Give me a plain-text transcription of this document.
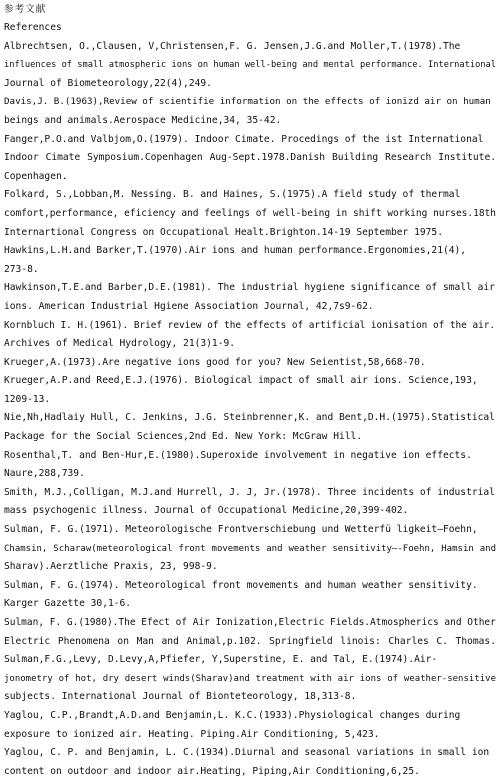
参考文献
References
Albrechtsen, O.,Clausen, V,Christensen,F. G. Jensen,J.G.and Moller,T.(1978).The
influences of small atmospheric ions on human well-being and mental performance. International
Journal of Biometeorology,22(4),249.
Davis,J. B.(1963),Review of scientifie information on the effects of ionizd air on human
beings and animals.Aerospace Medicine,34, 35-42.
Fanger,P.O.and Valbjom,O.(1979). Indoor Cimate. Procedings of the ist International
Indoor Cimate Symposium.Copenhagen Aug-Sept.1978.Danish Building Research Institute.
Copenhagen.
Folkard, S.,Lobban,M. Nessing. B. and Haines, S.(1975).A field study of thermal
comfort,performance, eficiency and feelings of well-being in shift working nurses.18th
Internartional Congress on Occupational Healt.Brighton.14-19 September 1975.
Hawkins,L.H.and Barker,T.(1970).Air ions and human performance.Ergonomies,21(4),
273-8.
Hawkinson,T.E.and Barber,D.E.(1981). The industrial hygiene significance of small air
ions. American Industrial Hgiene Association Journal, 42,7s9-62.
Kornbluch I. H.(1961). Brief review of the effects of artificial ionisation of the air.
Archives of Medical Hydrology, 21(3)1-9.
Krueger,A.(1973).Are negative ions good for you? New Seientist,58,668-70.
Krueger,A.P.and Reed,E.J.(1976). Biological impact of small air ions. Science,193,
1209-13.
Nie,Nh,Hadlaiy Hull, C. Jenkins, J.G. Steinbrenner,K. and Bent,D.H.(1975).Statistical
Package for the Social Sciences,2nd Ed. New York: McGraw Hill.
Rosenthal,T. and Ben-Hur,E.(1980).Superoxide involvement in negative ion effects.
Naure,288,739.
Smith, M.J.,Colligan, M.J.and Hurrell, J. J, Jr.(1978). Three incidents of industrial
mass psychogenic illness. Journal of Occupational Medicine,20,399-402.
Sulman, F. G.(1971). Meteorologische Frontverschiebung und Wetterfü ligkeit—Foehn,
Chamsin, Scharaw(meteorological front movements and weather sensitivity—-Foehn, Hamsin and
Sharav).Aerztliche Praxis, 23, 998-9.
Sulman, F. G.(1974). Meteorological front movements and human weather sensitivity.
Karger Gazette 30,1-6.
Sulman, F. G.(1980).The Efect of Air Ionization,Electric Fields.Atmospherics and Other
Electric Phenomena on Man and Animal,p.102. Springfield linois: Charles C. Thomas.
Sulman,F.G.,Levy, D.Levy,A,Pfiefer, Y,Superstine, E. and Tal, E.(1974).Air-
jonometry of hot, dry desert winds(Sharav)and treatment with air ions of weather-sensitive
subjects. International Journal of Bionteteorology, 18,313-8.
Yaglou, C.P.,Brandt,A.D.and Benjamin,L. K.C.(1933).Physiological changes during
exposure to ionized air. Heating. Piping.Air Conditioning, 5,423.
Yaglou, C. P. and Benjamin, L. C.(1934).Diurnal and seasonal variations in small ion
content on outdoor and indoor air.Heating, Piping,Air Conditioning,6,25.
